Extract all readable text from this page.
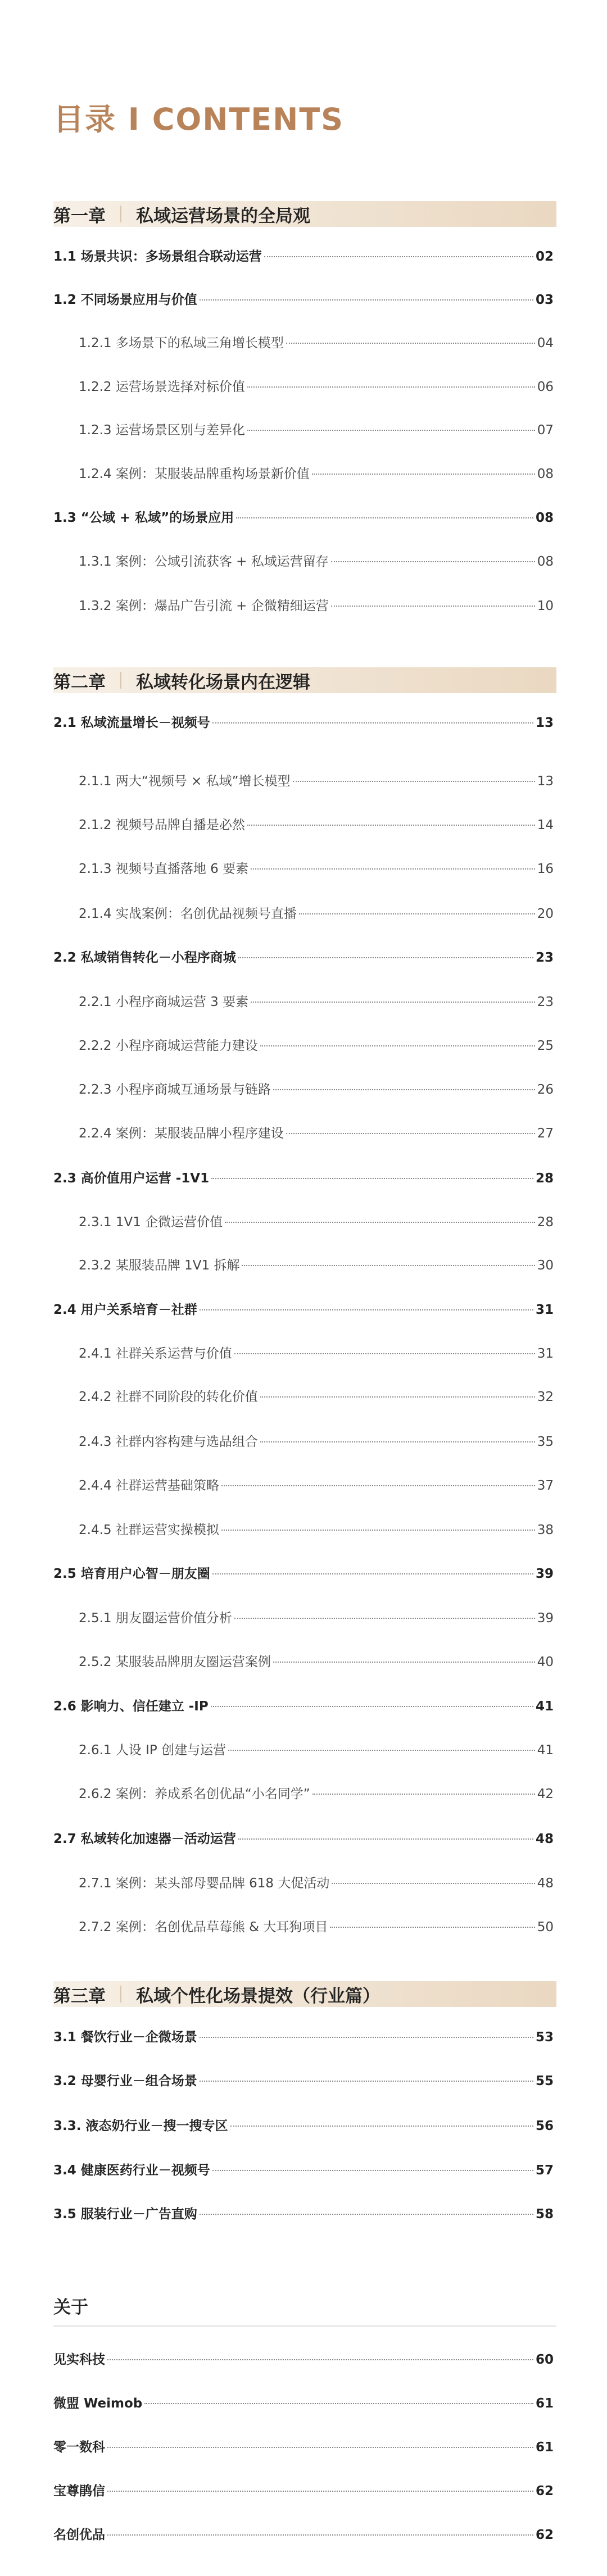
目录 I CONTENTS
第一章 私域运营场景的全局观
1.1 场景共识：多场景组合联动运营	02
1.2 不同场景应用与价值	03
1.2.1 多场景下的私域三角增长模型	04
1.2.2 运营场景选择对标价值	06
1.2.3 运营场景区别与差异化	07
1.2.4 案例：某服装品牌重构场景新价值	08
1.3 “公域 + 私域”的场景应用	08
1.3.1 案例：公域引流获客 + 私域运营留存	08
1.3.2 案例：爆品广告引流 + 企微精细运营	10
第二章 私域转化场景内在逻辑
2.1 私域流量增长－视频号	13
2.1.1 两大“视频号 × 私域”增长模型	13
2.1.2 视频号品牌自播是必然	14
2.1.3 视频号直播落地 6 要素	16
2.1.4 实战案例：名创优品视频号直播	20
2.2 私域销售转化－小程序商城	23
2.2.1 小程序商城运营 3 要素	23
2.2.2 小程序商城运营能力建设	25
2.2.3 小程序商城互通场景与链路	26
2.2.4 案例：某服装品牌小程序建设	27
2.3 高价值用户运营 -1V1	28
2.3.1 1V1 企微运营价值	28
2.3.2 某服装品牌 1V1 拆解	30
2.4 用户关系培育－社群	31
2.4.1 社群关系运营与价值	31
2.4.2 社群不同阶段的转化价值	32
2.4.3 社群内容构建与选品组合	35
2.4.4 社群运营基础策略	37
2.4.5 社群运营实操模拟	38
2.5 培育用户心智－朋友圈	39
2.5.1 朋友圈运营价值分析	39
2.5.2 某服装品牌朋友圈运营案例	40
2.6 影响力、信任建立 -IP	41
2.6.1 人设 IP 创建与运营	41
2.6.2 案例：养成系名创优品“小名同学”	42
2.7 私域转化加速器－活动运营	48
2.7.1 案例：某头部母婴品牌 618 大促活动	48
2.7.2 案例：名创优品草莓熊 & 大耳狗项目	50
第三章 私域个性化场景提效（行业篇）
3.1 餐饮行业－企微场景	53
3.2 母婴行业－组合场景	55
3.3. 液态奶行业－搜一搜专区	56
3.4 健康医药行业－视频号	57
3.5 服装行业－广告直购	58
见实科技	60
微盟 Weimob	61
零一数科	61
宝尊鹃信	62
名创优品	62
关于
